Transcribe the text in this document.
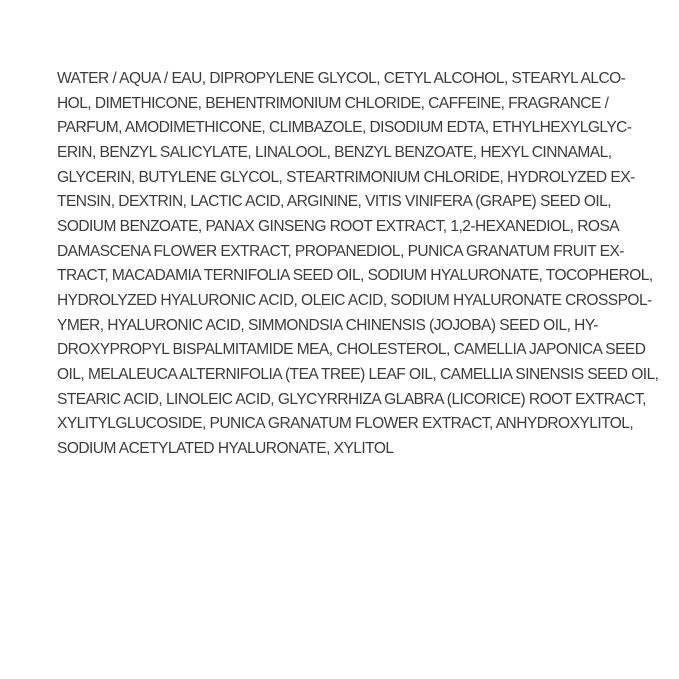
WATER / AQUA / EAU, DIPROPYLENE GLYCOL, CETYL ALCOHOL, STEARYL ALCO-
HOL, DIMETHICONE, BEHENTRIMONIUM CHLORIDE, CAFFEINE, FRAGRANCE /
PARFUM, AMODIMETHICONE, CLIMBAZOLE, DISODIUM EDTA, ETHYLHEXYLGLYC-
ERIN, BENZYL SALICYLATE, LINALOOL, BENZYL BENZOATE, HEXYL CINNAMAL,
GLYCERIN, BUTYLENE GLYCOL, STEARTRIMONIUM CHLORIDE, HYDROLYZED EX-
TENSIN, DEXTRIN, LACTIC ACID, ARGININE, VITIS VINIFERA (GRAPE) SEED OIL,
SODIUM BENZOATE, PANAX GINSENG ROOT EXTRACT, 1,2-HEXANEDIOL, ROSA
DAMASCENA FLOWER EXTRACT, PROPANEDIOL, PUNICA GRANATUM FRUIT EX-
TRACT, MACADAMIA TERNIFOLIA SEED OIL, SODIUM HYALURONATE, TOCOPHEROL,
HYDROLYZED HYALURONIC ACID, OLEIC ACID, SODIUM HYALURONATE CROSSPOL-
YMER, HYALURONIC ACID, SIMMONDSIA CHINENSIS (JOJOBA) SEED OIL, HY-
DROXYPROPYL BISPALMITAMIDE MEA, CHOLESTEROL, CAMELLIA JAPONICA SEED
OIL, MELALEUCA ALTERNIFOLIA (TEA TREE) LEAF OIL, CAMELLIA SINENSIS SEED OIL,
STEARIC ACID, LINOLEIC ACID, GLYCYRRHIZA GLABRA (LICORICE) ROOT EXTRACT,
XYLITYLGLUCOSIDE, PUNICA GRANATUM FLOWER EXTRACT, ANHYDROXYLITOL,
SODIUM ACETYLATED HYALURONATE, XYLITOL
